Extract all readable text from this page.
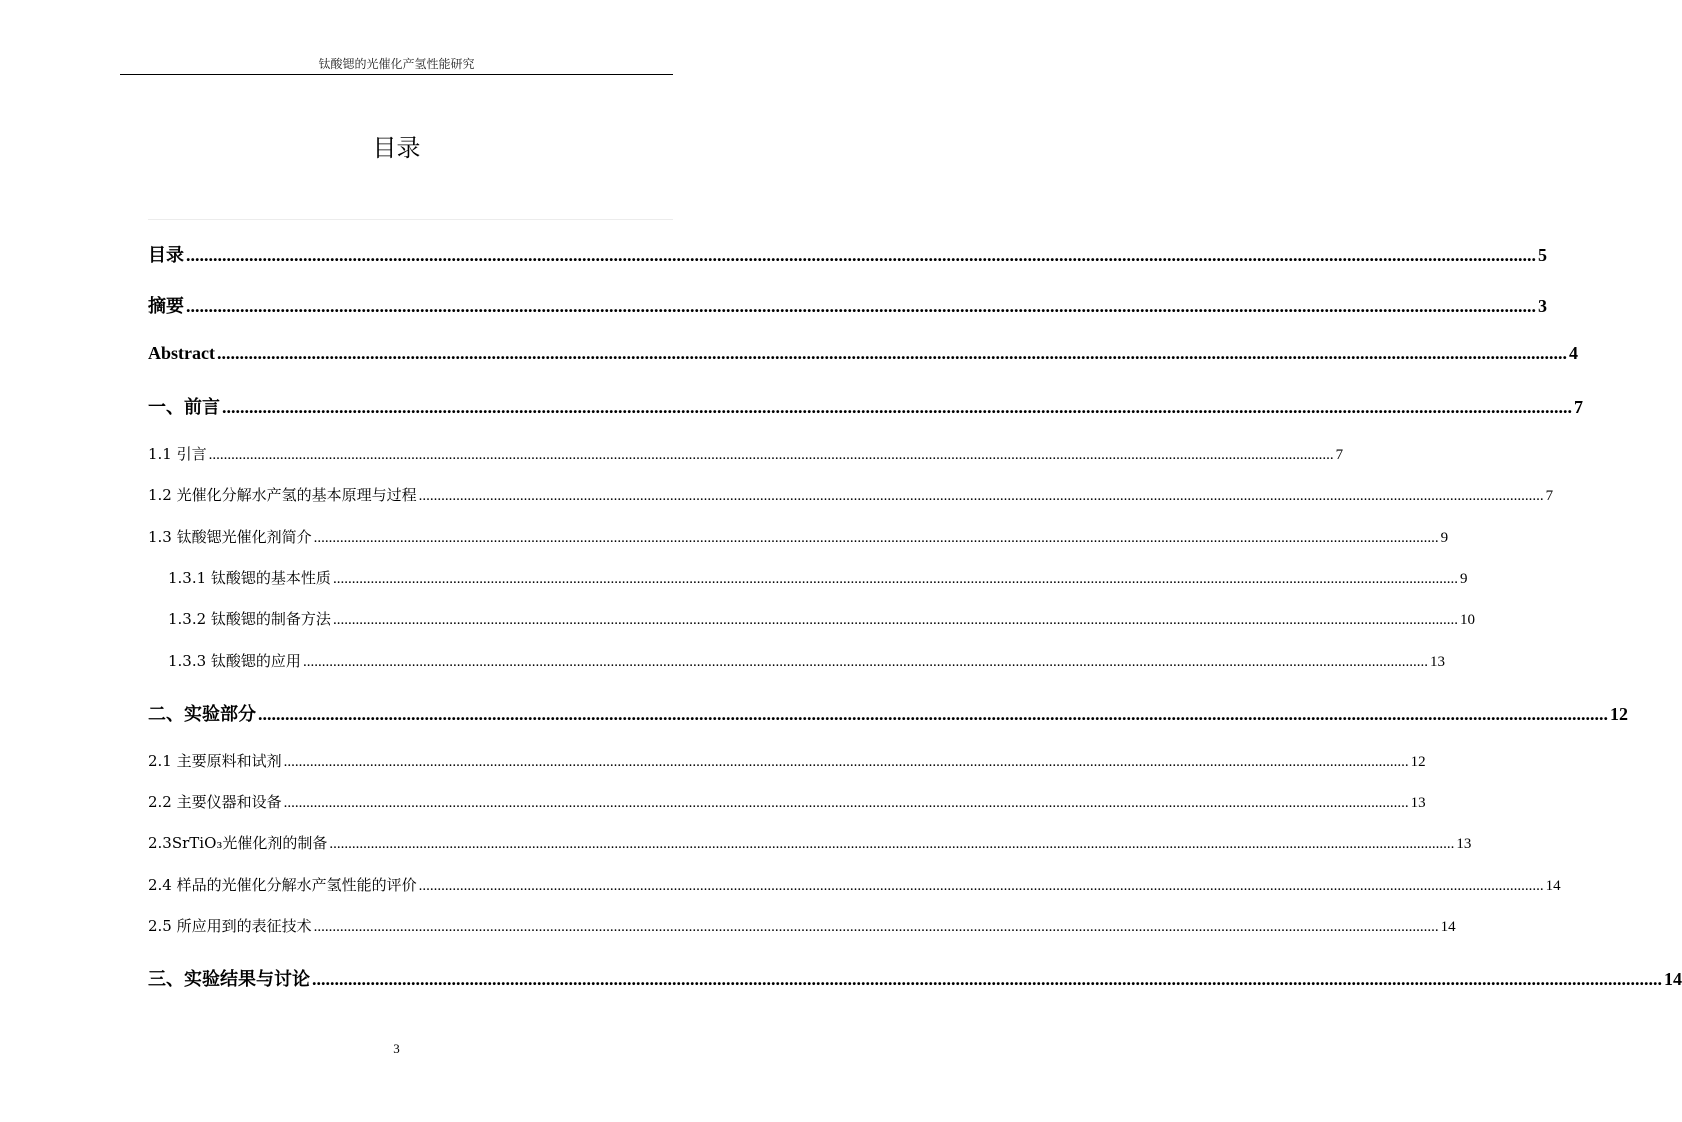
钛酸锶的光催化产氢性能研究
目录
目录 ............................................................................................................................................................................................................................................................................................................ 5
摘要 ............................................................................................................................................................................................................................................................................................................ 3
Abstract ............................................................................................................................................................................................................................................................................................................ 4
一、前言 ............................................................................................................................................................................................................................................................................................................ 7
1.1 引言 ............................................................................................................................................................................................................................................................................................................ 7
1.2 光催化分解水产氢的基本原理与过程 ............................................................................................................................................................................................................................................................................................................ 7
1.3 钛酸锶光催化剂简介 ............................................................................................................................................................................................................................................................................................................ 9
1.3.1 钛酸锶的基本性质 ............................................................................................................................................................................................................................................................................................................ 9
1.3.2 钛酸锶的制备方法 ............................................................................................................................................................................................................................................................................................................ 10
1.3.3 钛酸锶的应用 ............................................................................................................................................................................................................................................................................................................ 13
二、实验部分 ............................................................................................................................................................................................................................................................................................................ 12
2.1 主要原料和试剂 ............................................................................................................................................................................................................................................................................................................ 12
2.2 主要仪器和设备 ............................................................................................................................................................................................................................................................................................................ 13
2.3SrTiO₃光催化剂的制备 ............................................................................................................................................................................................................................................................................................................ 13
2.4 样品的光催化分解水产氢性能的评价 ............................................................................................................................................................................................................................................................................................................ 14
2.5 所应用到的表征技术 ............................................................................................................................................................................................................................................................................................................ 14
三、实验结果与讨论 ............................................................................................................................................................................................................................................................................................................ 14
3
